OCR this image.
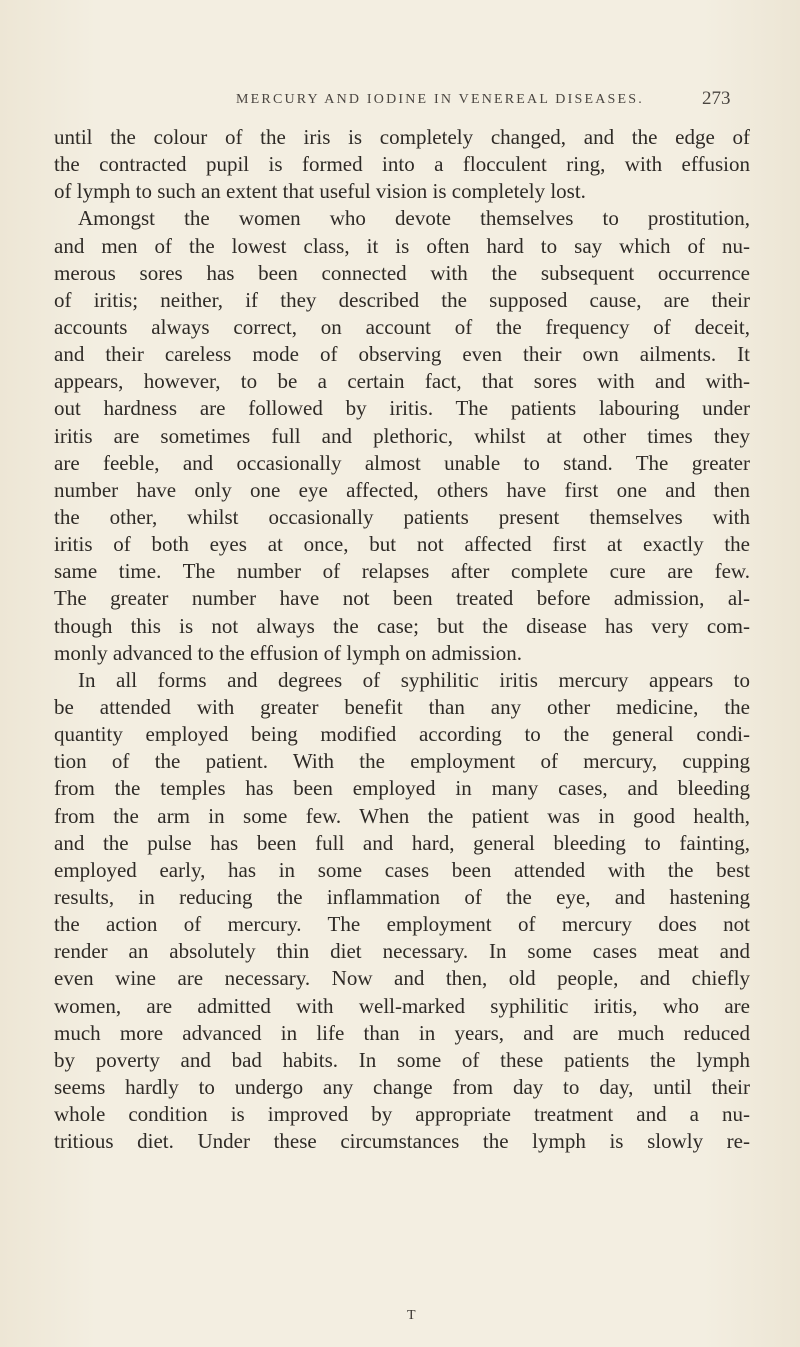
MERCURY AND IODINE IN VENEREAL DISEASES.	273
until the colour of the iris is completely changed, and the edge of
the contracted pupil is formed into a flocculent ring, with effusion
of lymph to such an extent that useful vision is completely lost.
Amongst the women who devote themselves to prostitution,
and men of the lowest class, it is often hard to say which of nu-
merous sores has been connected with the subsequent occurrence
of iritis; neither, if they described the supposed cause, are their
accounts always correct, on account of the frequency of deceit,
and their careless mode of observing even their own ailments. It
appears, however, to be a certain fact, that sores with and with-
out hardness are followed by iritis. The patients labouring under
iritis are sometimes full and plethoric, whilst at other times they
are feeble, and occasionally almost unable to stand. The greater
number have only one eye affected, others have first one and then
the other, whilst occasionally patients present themselves with
iritis of both eyes at once, but not affected first at exactly the
same time. The number of relapses after complete cure are few.
The greater number have not been treated before admission, al-
though this is not always the case; but the disease has very com-
monly advanced to the effusion of lymph on admission.
In all forms and degrees of syphilitic iritis mercury appears to
be attended with greater benefit than any other medicine, the
quantity employed being modified according to the general condi-
tion of the patient. With the employment of mercury, cupping
from the temples has been employed in many cases, and bleeding
from the arm in some few. When the patient was in good health,
and the pulse has been full and hard, general bleeding to fainting,
employed early, has in some cases been attended with the best
results, in reducing the inflammation of the eye, and hastening
the action of mercury. The employment of mercury does not
render an absolutely thin diet necessary. In some cases meat and
even wine are necessary. Now and then, old people, and chiefly
women, are admitted with well-marked syphilitic iritis, who are
much more advanced in life than in years, and are much reduced
by poverty and bad habits. In some of these patients the lymph
seems hardly to undergo any change from day to day, until their
whole condition is improved by appropriate treatment and a nu-
tritious diet. Under these circumstances the lymph is slowly re-
T
